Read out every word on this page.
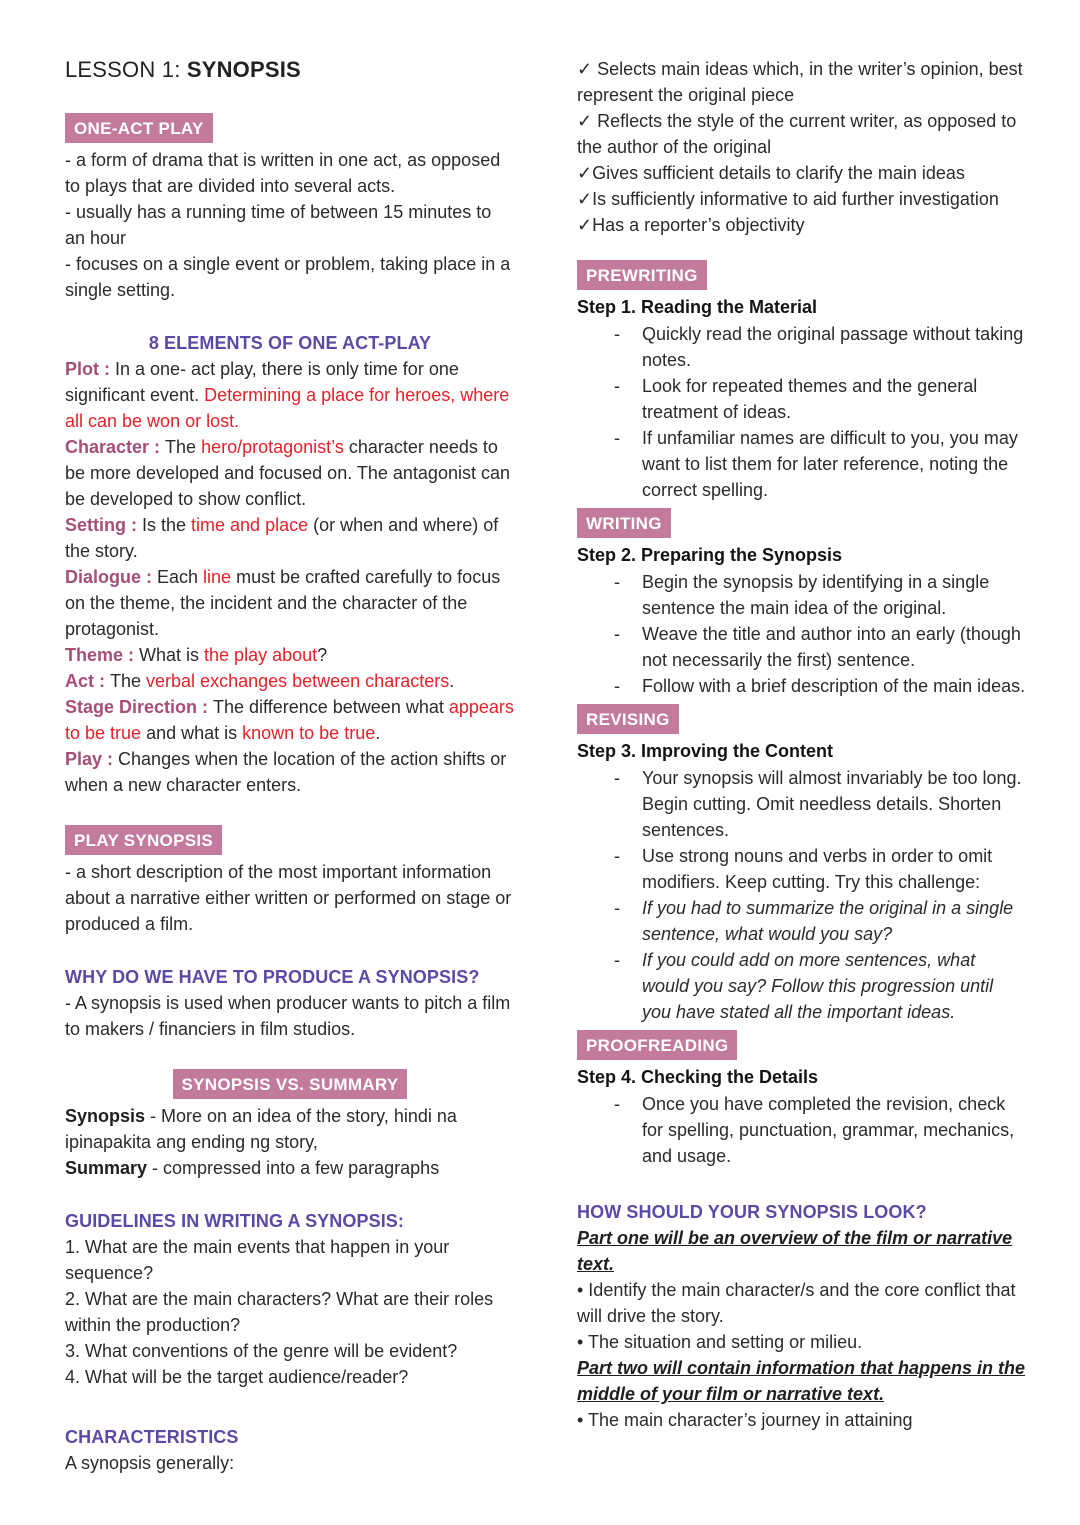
LESSON 1: SYNOPSIS
ONE-ACT PLAY

- a form of drama that is written in one act, as opposed to plays that are divided into several acts.

- usually has a running time of between 15 minutes to an hour

- focuses on a single event or problem, taking place in a single setting.

8 ELEMENTS OF ONE ACT-PLAY

Plot : In a one- act play, there is only time for one significant event. Determining a place for heroes, where all can be won or lost.

Character : The hero/protagonist’s character needs to be more developed and focused on. The antagonist can be developed to show conflict.

Setting : Is the time and place (or when and where) of the story.

Dialogue : Each line must be crafted carefully to focus on the theme, the incident and the character of the protagonist.

Theme : What is the play about?

Act : The verbal exchanges between characters.

Stage Direction : The difference between what appears to be true and what is known to be true.

Play : Changes when the location of the action shifts or when a new character enters.

PLAY SYNOPSIS

- a short description of the most important information about a narrative either written or performed on stage or produced a film.

WHY DO WE HAVE TO PRODUCE A SYNOPSIS?

- A synopsis is used when producer wants to pitch a film to makers / financiers in film studios.

SYNOPSIS VS. SUMMARY

Synopsis - More on an idea of the story, hindi na ipinapakita ang ending ng story,

Summary - compressed into a few paragraphs

GUIDELINES IN WRITING A SYNOPSIS:

1. What are the main events that happen in your sequence?

2. What are the main characters? What are their roles within the production?

3. What conventions of the genre will be evident?

4. What will be the target audience/reader?

CHARACTERISTICS

A synopsis generally:

✓ Selects main ideas which, in the writer’s opinion, best represent the original piece

✓ Reflects the style of the current writer, as opposed to the author of the original

✓Gives sufficient details to clarify the main ideas

✓Is sufficiently informative to aid further investigation

✓Has a reporter’s objectivity

PREWRITING
Step 1. Reading the Material
-	Quickly read the original passage without taking notes.
-	Look for repeated themes and the general treatment of ideas.
-	If unfamiliar names are difficult to you, you may want to list them for later reference, noting the correct spelling.
WRITING
Step 2. Preparing the Synopsis
-	Begin the synopsis by identifying in a single sentence the main idea of the original.
-	Weave the title and author into an early (though not necessarily the first) sentence.
-	Follow with a brief description of the main ideas.
REVISING
Step 3. Improving the Content
-	Your synopsis will almost invariably be too long. Begin cutting. Omit needless details. Shorten sentences.
-	Use strong nouns and verbs in order to omit modifiers. Keep cutting. Try this challenge:
-	If you had to summarize the original in a single sentence, what would you say?
-	If you could add on more sentences, what would you say? Follow this progression until you have stated all the important ideas.
PROOFREADING
Step 4. Checking the Details
-	Once you have completed the revision, check for spelling, punctuation, grammar, mechanics, and usage.
HOW SHOULD YOUR SYNOPSIS LOOK?

Part one will be an overview of the film or narrative text.

• Identify the main character/s and the core conflict that will drive the story.

• The situation and setting or milieu.

Part two will contain information that happens in the middle of your film or narrative text.

• The main character’s journey in attaining
